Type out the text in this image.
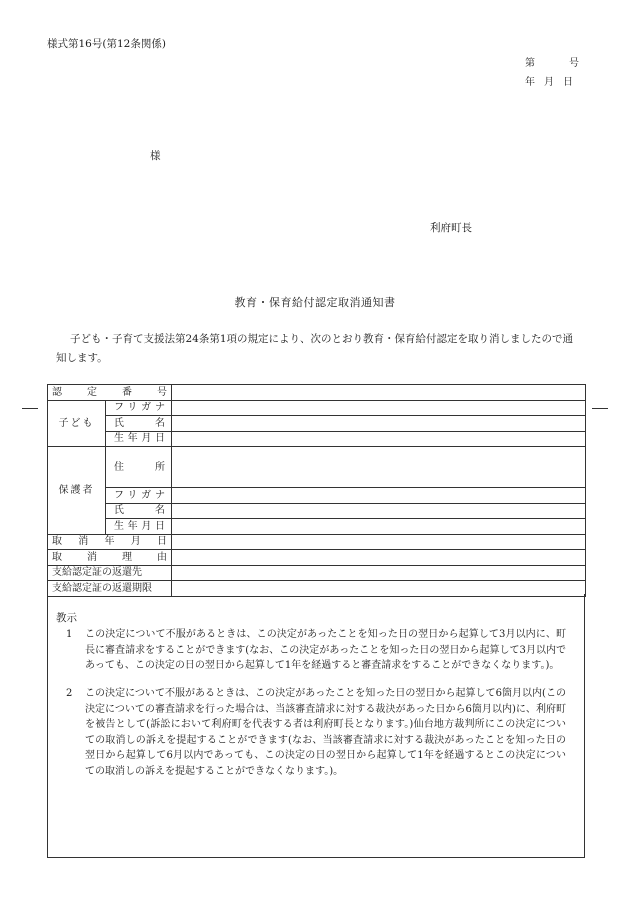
様式第16号(第12条関係)
第	号
年 月 日
様
利府町長
教育・保育給付認定取消通知書
子ども・子育て支援法第24条第1項の規定により、次のとおり教育・保育給付認定を取り消しましたので通知します。
認定番号		
子ども	フリガナ	
	氏名	
	生年月日	
保護者	住所	
	フリガナ	
	氏名	
	生年月日	
取消年月日		
取消理由		
支給認定証の返還先		
支給認定証の返還期限		
教示
1 この決定について不服があるときは、この決定があったことを知った日の翌日から起算して3月以内に、町長に審査請求をすることができます(なお、この決定があったことを知った日の翌日から起算して3月以内であっても、この決定の日の翌日から起算して1年を経過すると審査請求をすることができなくなります。)。
2 この決定について不服があるときは、この決定があったことを知った日の翌日から起算して6箇月以内(この決定についての審査請求を行った場合は、当該審査請求に対する裁決があった日から6箇月以内)に、利府町を被告として(訴訟において利府町を代表する者は利府町長となります。)仙台地方裁判所にこの決定についての取消しの訴えを提起することができます(なお、当該審査請求に対する裁決があったことを知った日の翌日から起算して6月以内であっても、この決定の日の翌日から起算して1年を経過するとこの決定についての取消しの訴えを提起することができなくなります。)。
